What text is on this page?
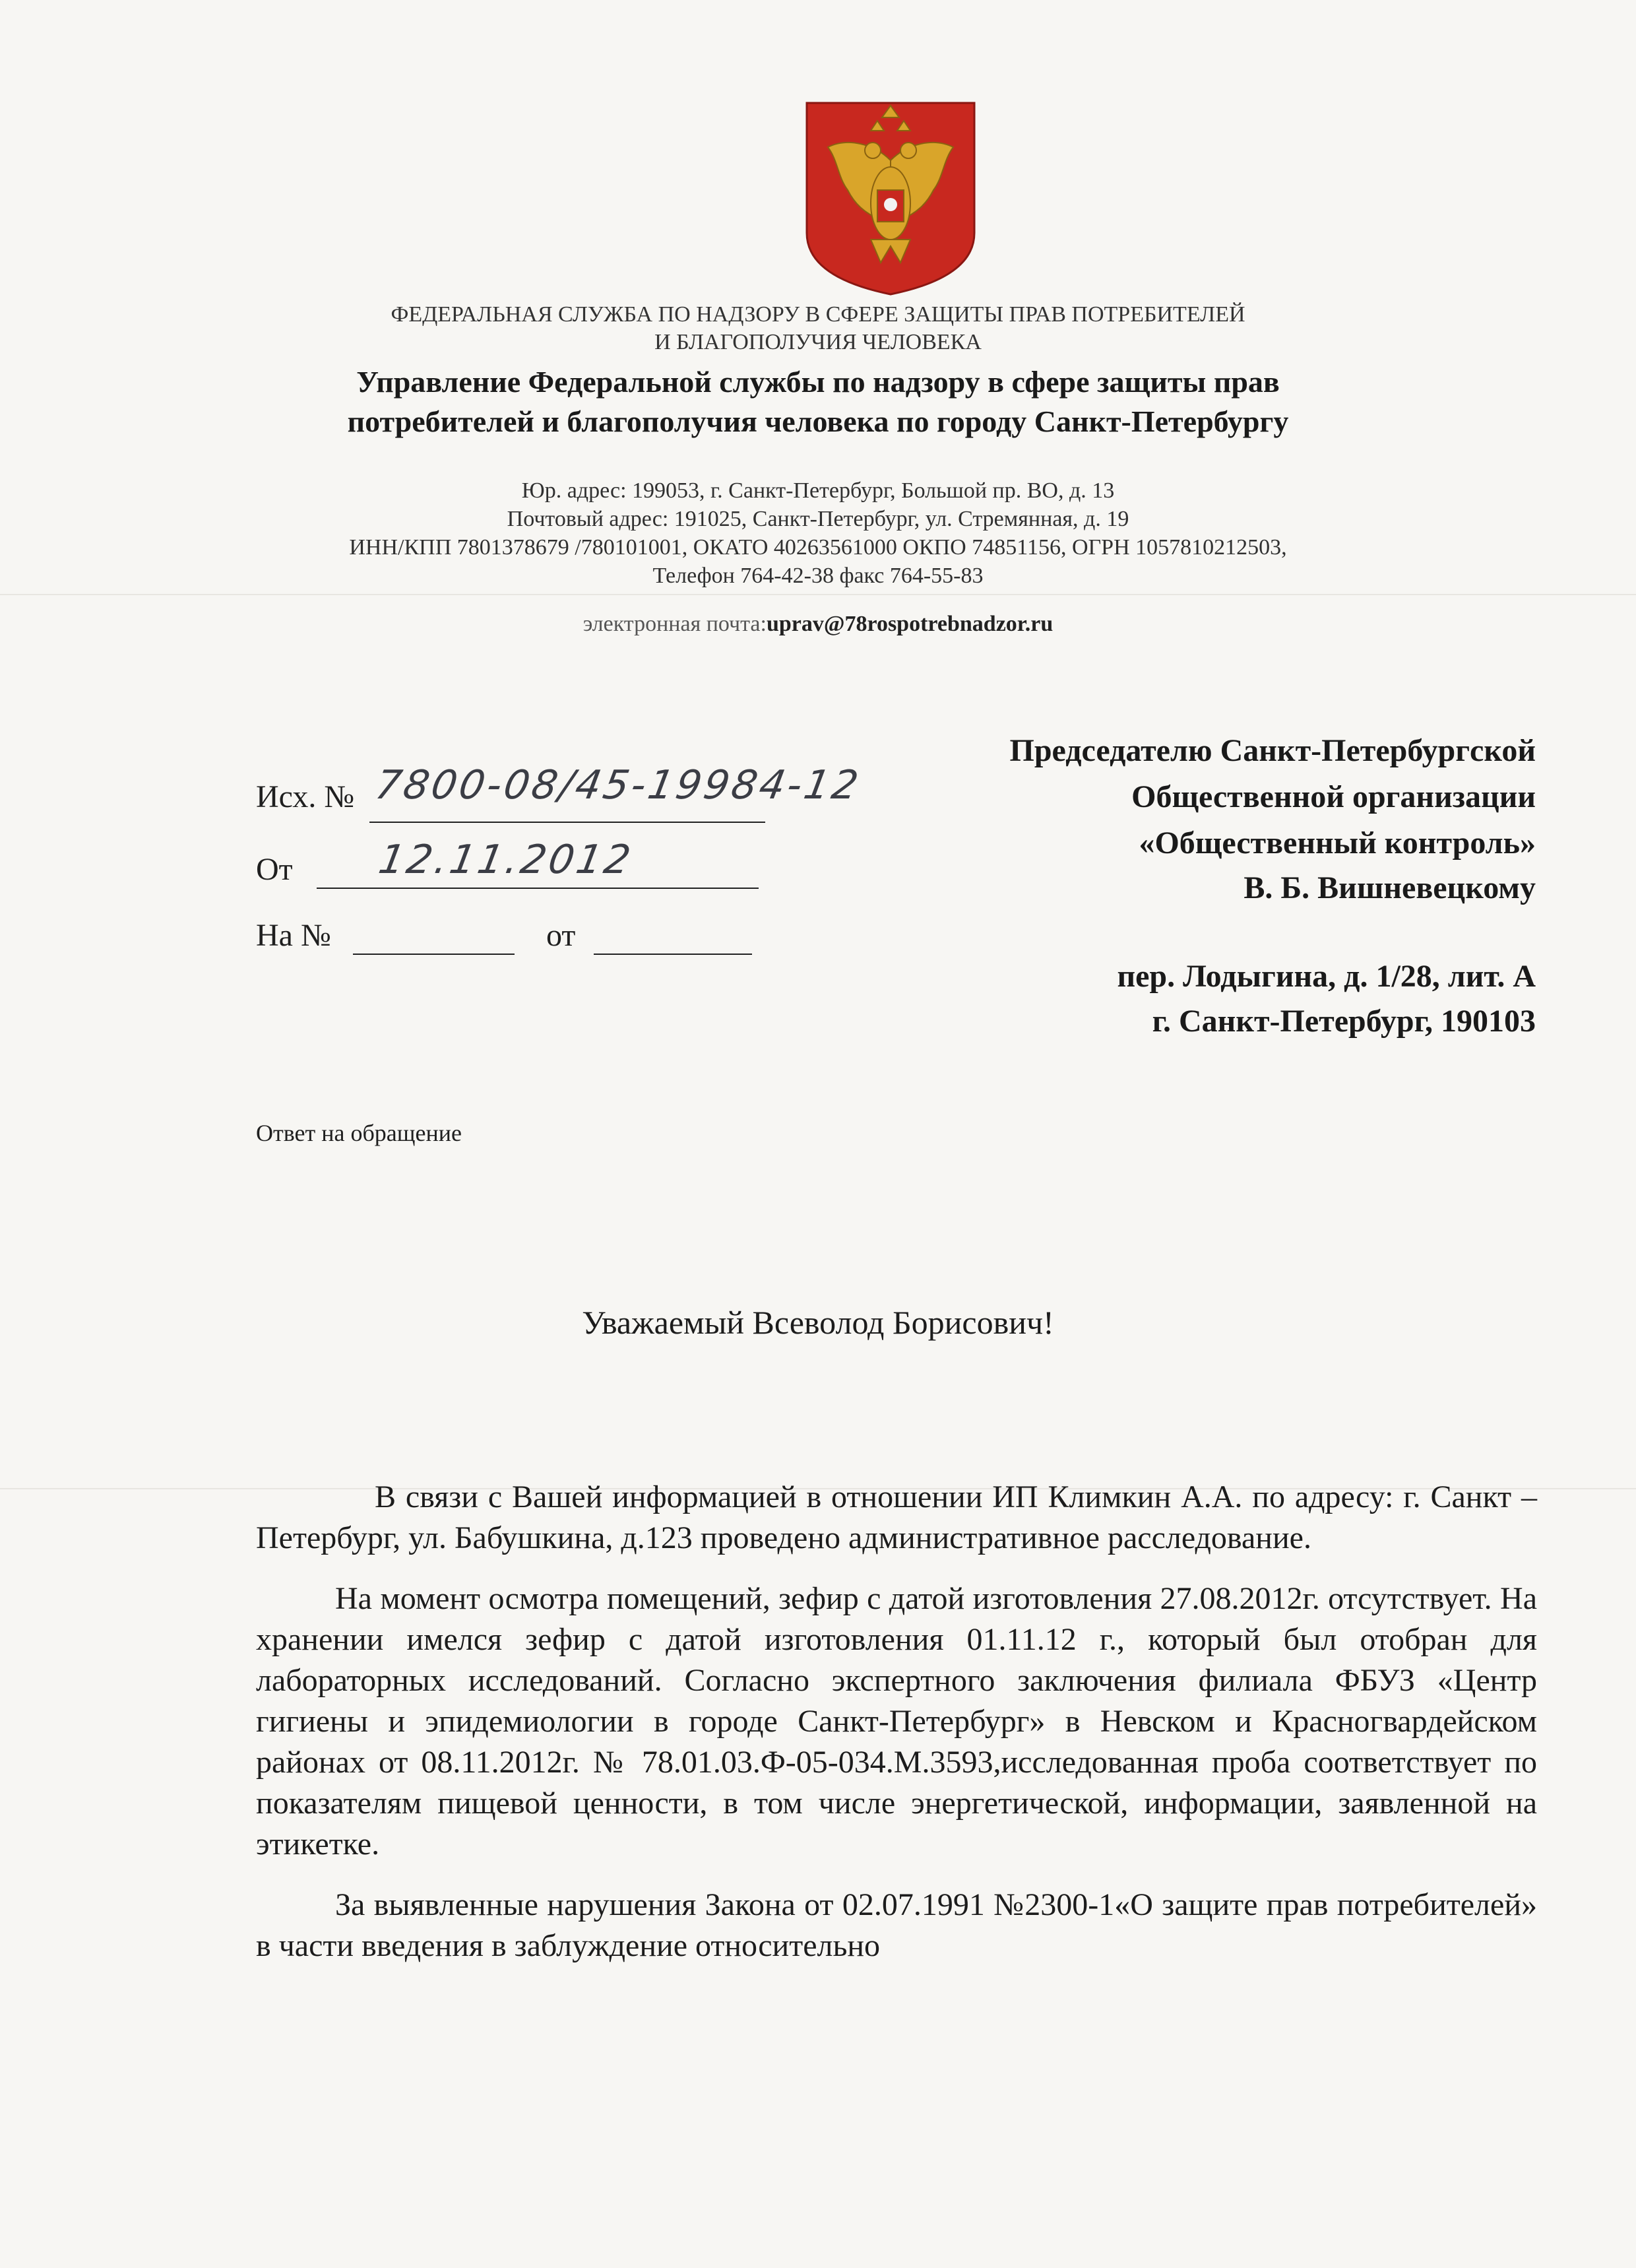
ФЕДЕРАЛЬНАЯ СЛУЖБА ПО НАДЗОРУ В СФЕРЕ ЗАЩИТЫ ПРАВ ПОТРЕБИТЕЛЕЙ
И БЛАГОПОЛУЧИЯ ЧЕЛОВЕКА
Управление Федеральной службы по надзору в сфере защиты прав
потребителей и благополучия человека по городу Санкт-Петербургу
Юр. адрес: 199053, г. Санкт-Петербург, Большой пр. ВО, д. 13
Почтовый адрес: 191025, Санкт-Петербург, ул. Стремянная, д. 19
ИНН/КПП 7801378679 /780101001, ОКАТО 40263561000 ОКПО 74851156, ОГРН 1057810212503,
Телефон 764-42-38 факс 764-55-83
электронная почта:uprav@78rospotrebnadzor.ru
Исх. № 7800-08/45-19984-12
От 12.11.2012
На №	от
Председателю Санкт-Петербургской
Общественной организации
«Общественный контроль»
В. Б. Вишневецкому
пер. Лодыгина, д. 1/28, лит. А
г. Санкт-Петербург, 190103
Ответ на обращение
Уважаемый Всеволод Борисович!

В связи с Вашей информацией в отношении ИП Климкин А.А. по адресу: г. Санкт – Петербург, ул. Бабушкина, д.123 проведено административное расследование.

На момент осмотра помещений, зефир с датой изготовления 27.08.2012г. отсутствует. На хранении имелся зефир с датой изготовления 01.11.12 г., который был отобран для лабораторных исследований. Согласно экспертного заключения филиала ФБУЗ «Центр гигиены и эпидемиологии в городе Санкт-Петербург» в Невском и Красногвардейском районах от 08.11.2012г. № 78.01.03.Ф-05-034.М.3593,исследованная проба соответствует по показателям пищевой ценности, в том числе энергетической, информации, заявленной на этикетке.

За выявленные нарушения Закона от 02.07.1991 №2300-1«О защите прав потребителей» в части введения в заблуждение относительно
